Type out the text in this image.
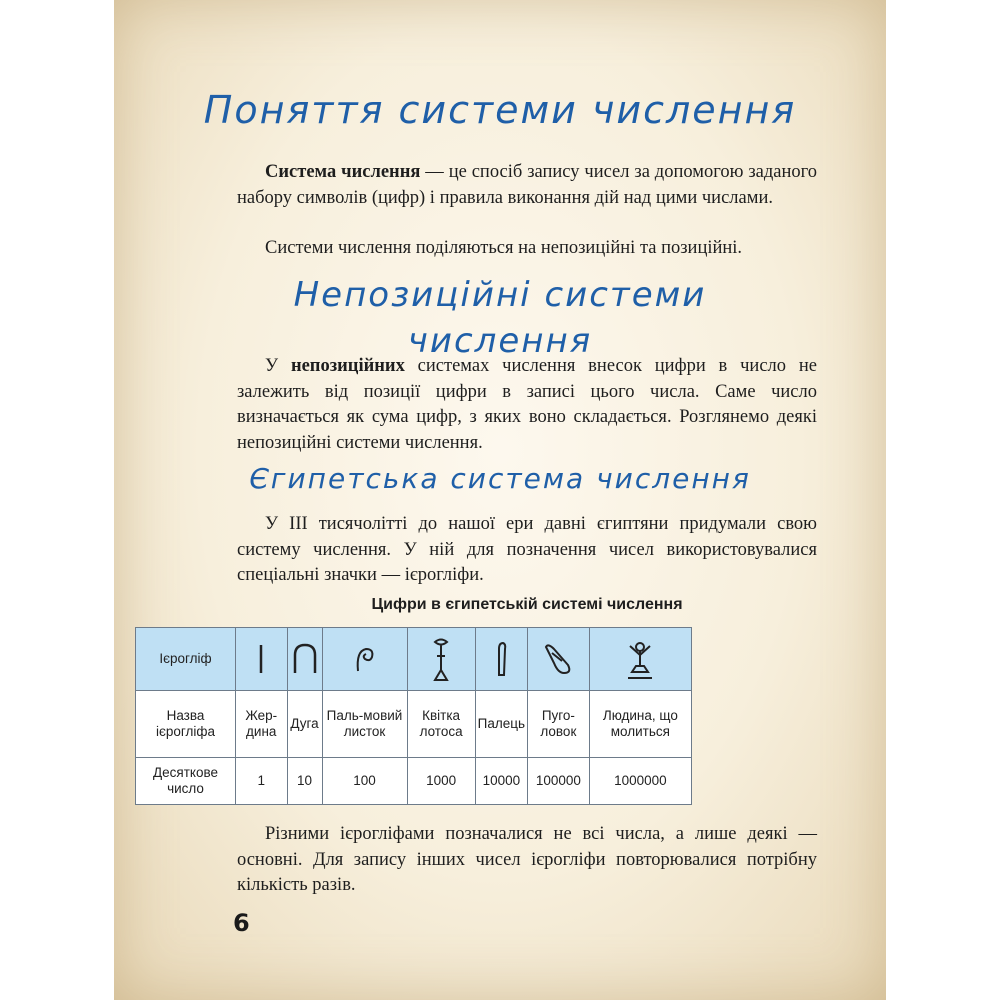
Поняття системи числення

Система числення — це спосіб запису чисел за допомогою заданого набору символів (цифр) і правила виконання дій над цими числами.

Системи числення поділяються на непозиційні та позиційні.

Непозиційні системи
числення

У непозиційних системах числення внесок цифри в число не залежить від позиції цифри в записі цього числа. Саме число визначається як сума цифр, з яких воно складається. Розглянемо деякі непозиційні системи числення.

Єгипетська система числення

У III тисячолітті до нашої ери давні єгиптяни придумали свою систему числення. У ній для позначення чисел використовувалися спеціальні значки — ієрогліфи.

Цифри в єгипетській системі числення

Різними ієрогліфами позначалися не всі числа, а лише деякі — основні. Для запису інших чисел ієрогліфи повторювалися потрібну кількість разів.

6
Ієрогліф	

Назва ієрогліфа	Жер-дина	Дуга	Паль-мовий листок	Квітка лотоса	Палець	Пуго-ловок	Людина, що молиться
Десяткове число	1	10	100	1000	10000	100000	1000000
